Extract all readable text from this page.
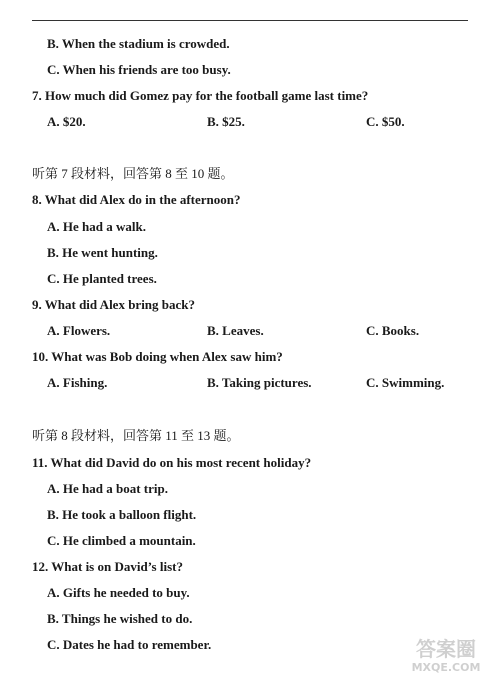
B. When the stadium is crowded.
C. When his friends are too busy.
7. How much did Gomez pay for the football game last time?
A. $20.	B. $25.	C. $50.
听第 7 段材料，回答第 8 至 10 题。
8. What did Alex do in the afternoon?
A. He had a walk.
B. He went hunting.
C. He planted trees.
9. What did Alex bring back?
A. Flowers.	B. Leaves.	C. Books.
10. What was Bob doing when Alex saw him?
A. Fishing.	B. Taking pictures.	C. Swimming.
听第 8 段材料，回答第 11 至 13 题。
11. What did David do on his most recent holiday?
A. He had a boat trip.
B. He took a balloon flight.
C. He climbed a mountain.
12. What is on David’s list?
A. Gifts he needed to buy.
B. Things he wished to do.
C. Dates he had to remember.	答案圈
MXQE.COM
